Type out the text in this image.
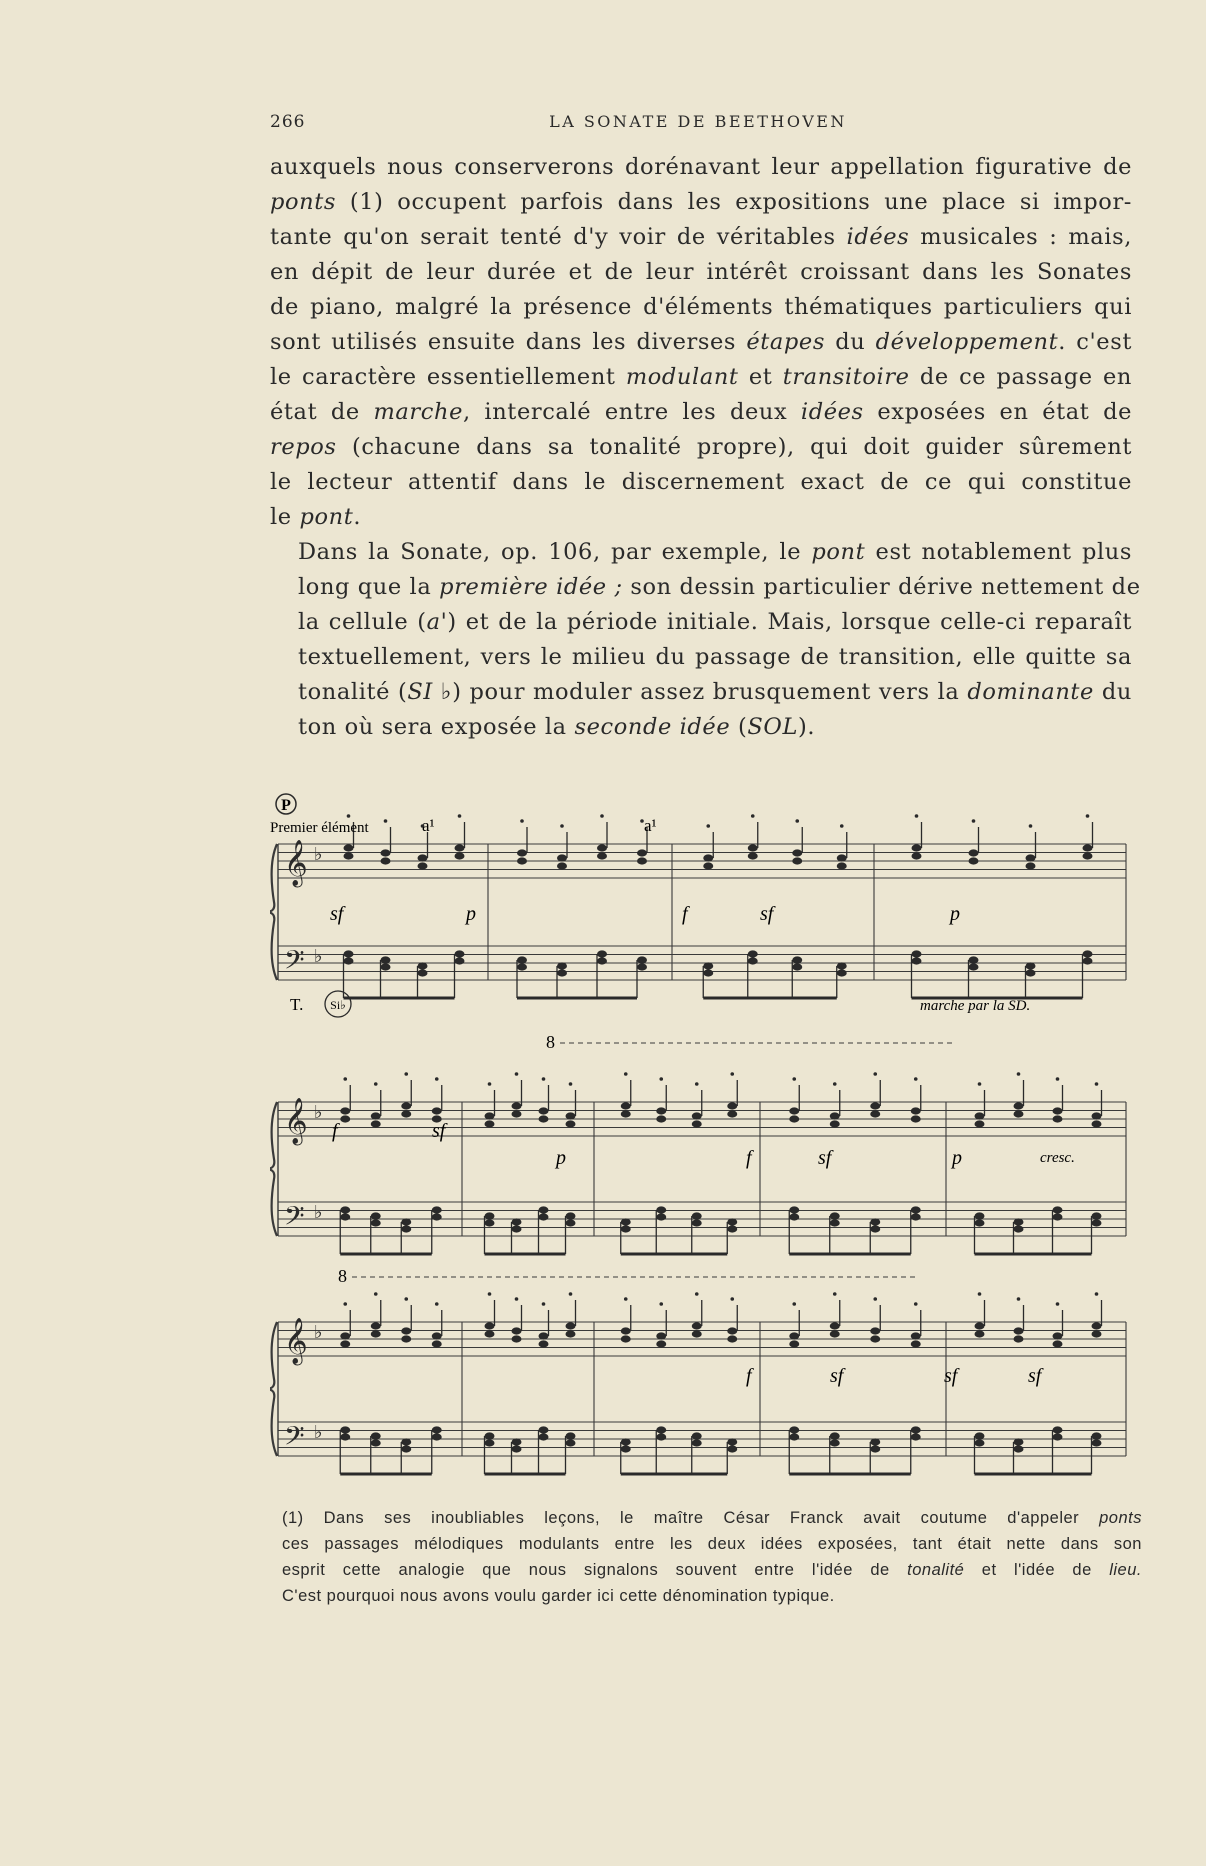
266	LA SONATE DE BEETHOVEN

auxquels nous conserverons dorénavant leur appellation figurative de
ponts (1) occupent parfois dans les expositions une place si impor-
tante qu'on serait tenté d'y voir de véritables idées musicales : mais,
en dépit de leur durée et de leur intérêt croissant dans les Sonates
de piano, malgré la présence d'éléments thématiques particuliers qui
sont utilisés ensuite dans les diverses étapes du développement. c'est
le caractère essentiellement modulant et transitoire de ce passage en
état de marche, intercalé entre les deux idées exposées en état de
repos (chacune dans sa tonalité propre), qui doit guider sûrement
le lecteur attentif dans le discernement exact de ce qui constitue
le pont.

Dans la Sonate, op. 106, par exemple, le pont est notablement plus
long que la première idée ; son dessin particulier dérive nettement de
la cellule (a') et de la période initiale. Mais, lorsque celle-ci reparaît
textuellement, vers le milieu du passage de transition, elle quitte sa
tonalité (SI ♭) pour moduler assez brusquement vers la dominante du
ton où sera exposée la seconde idée (SOL).

𝄞
𝄢
♭
♭
𝄞
𝄢
♭
♭
𝄞
𝄢
♭
♭
P
Premier élément	a¹	a¹
T. Si♭	marche par la SD.
sf	p	f	sf	p
8
f	sf
p	f	sf	p	cresc.
8
f	sf	sf	sf
(1) Dans ses inoubliables leçons, le maître César Franck avait coutume d'appeler ponts
ces passages mélodiques modulants entre les deux idées exposées, tant était nette dans son
esprit cette analogie que nous signalons souvent entre l'idée de tonalité et l'idée de lieu.
C'est pourquoi nous avons voulu garder ici cette dénomination typique.
